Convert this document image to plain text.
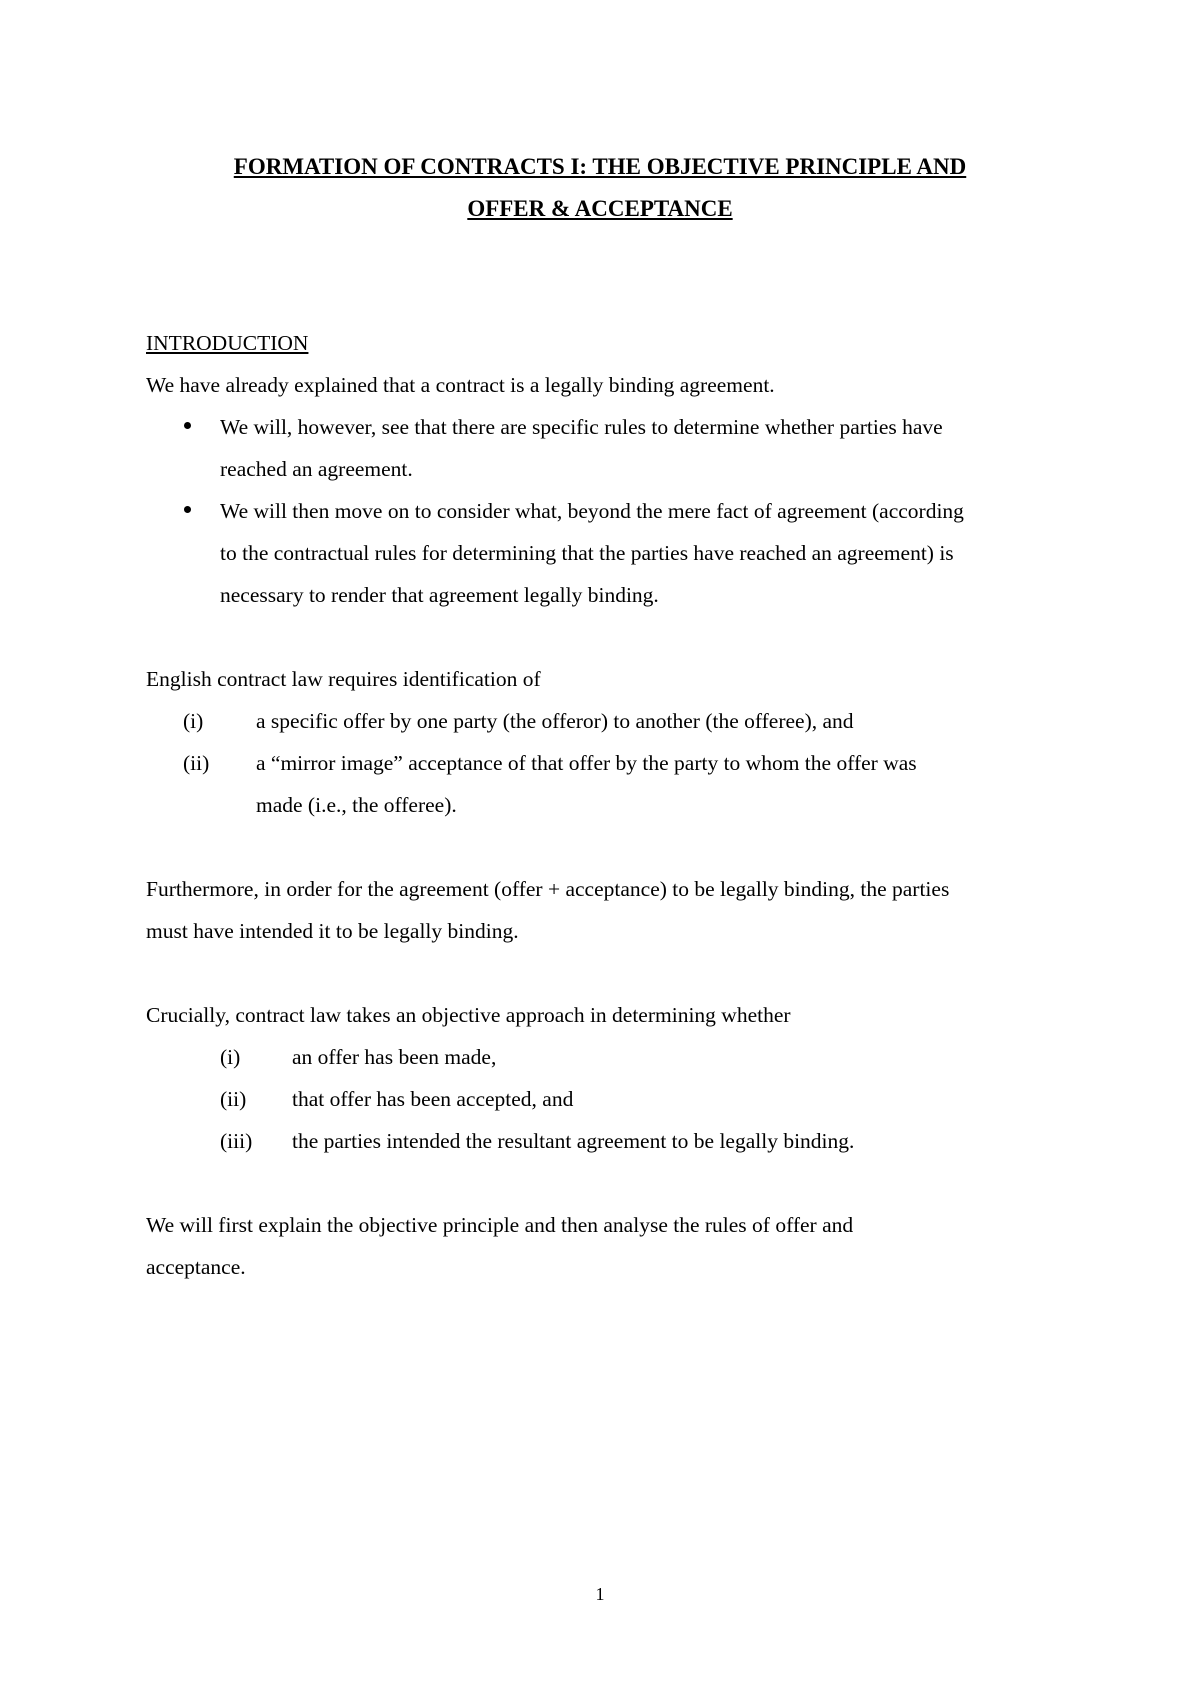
FORMATION OF CONTRACTS I: THE OBJECTIVE PRINCIPLE AND
OFFER & ACCEPTANCE
INTRODUCTION
We have already explained that a contract is a legally binding agreement.
We will, however, see that there are specific rules to determine whether parties have
reached an agreement.
We will then move on to consider what, beyond the mere fact of agreement (according
to the contractual rules for determining that the parties have reached an agreement) is
necessary to render that agreement legally binding.
English contract law requires identification of
(i) a specific offer by one party (the offeror) to another (the offeree), and
(ii) a “mirror image” acceptance of that offer by the party to whom the offer was
made (i.e., the offeree).
Furthermore, in order for the agreement (offer + acceptance) to be legally binding, the parties
must have intended it to be legally binding.
Crucially, contract law takes an objective approach in determining whether
(i) an offer has been made,
(ii) that offer has been accepted, and
(iii) the parties intended the resultant agreement to be legally binding.
We will first explain the objective principle and then analyse the rules of offer and
acceptance.
1
